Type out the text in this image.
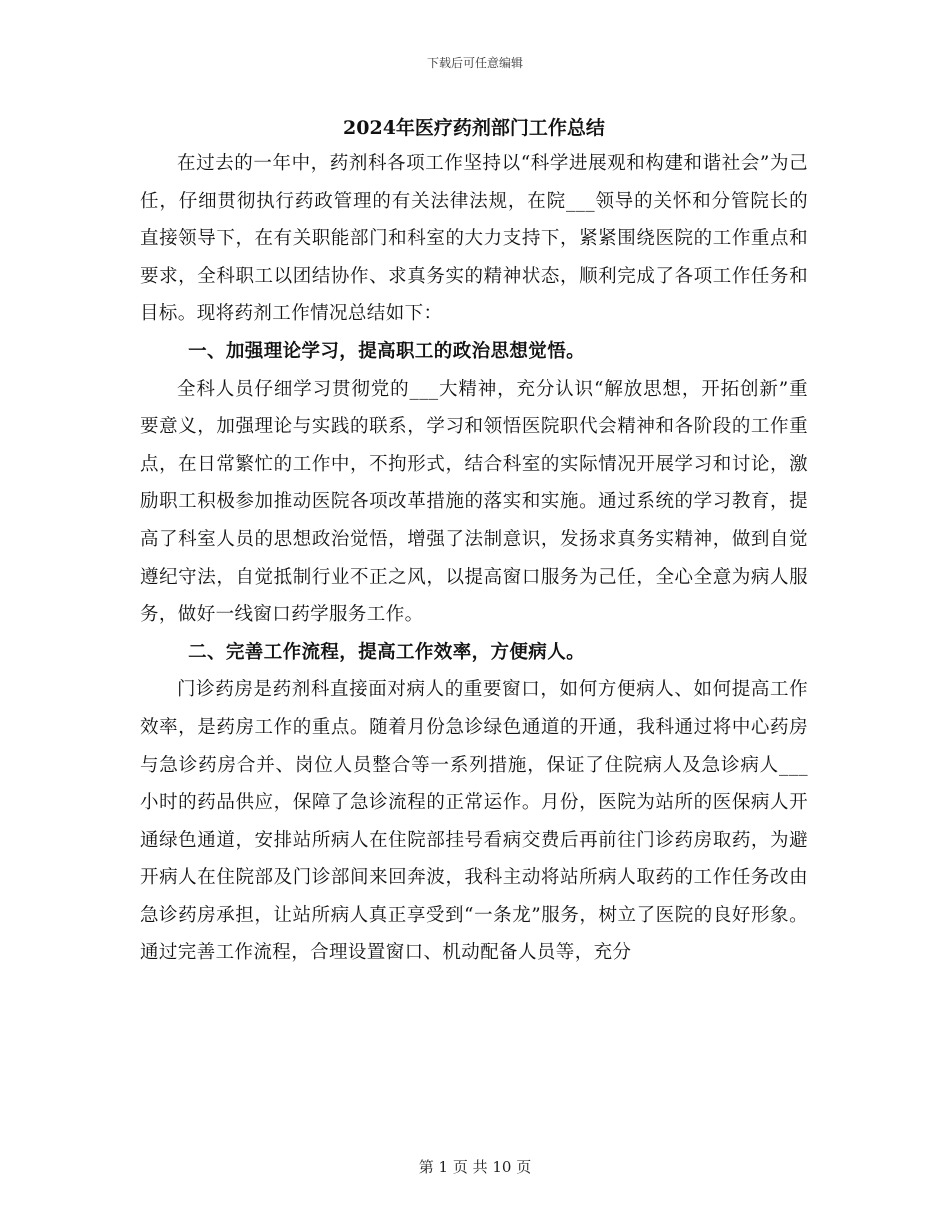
下载后可任意编辑
2024年医疗药剂部门工作总结

在过去的一年中，药剂科各项工作坚持以“科学进展观和构建和谐社会”为己任，仔细贯彻执行药政管理的有关法律法规，在院___领导的关怀和分管院长的直接领导下，在有关职能部门和科室的大力支持下，紧紧围绕医院的工作重点和要求，全科职工以团结协作、求真务实的精神状态，顺利完成了各项工作任务和目标。现将药剂工作情况总结如下：

一、加强理论学习，提高职工的政治思想觉悟。

全科人员仔细学习贯彻党的___大精神，充分认识“解放思想，开拓创新”重要意义，加强理论与实践的联系，学习和领悟医院职代会精神和各阶段的工作重点，在日常繁忙的工作中，不拘形式，结合科室的实际情况开展学习和讨论，激励职工积极参加推动医院各项改革措施的落实和实施。通过系统的学习教育，提高了科室人员的思想政治觉悟，增强了法制意识，发扬求真务实精神，做到自觉遵纪守法，自觉抵制行业不正之风，以提高窗口服务为己任，全心全意为病人服务，做好一线窗口药学服务工作。

二、完善工作流程，提高工作效率，方便病人。

门诊药房是药剂科直接面对病人的重要窗口，如何方便病人、如何提高工作效率，是药房工作的重点。随着月份急诊绿色通道的开通，我科通过将中心药房与急诊药房合并、岗位人员整合等一系列措施，保证了住院病人及急诊病人___小时的药品供应，保障了急诊流程的正常运作。月份，医院为站所的医保病人开通绿色通道，安排站所病人在住院部挂号看病交费后再前往门诊药房取药，为避开病人在住院部及门诊部间来回奔波，我科主动将站所病人取药的工作任务改由急诊药房承担，让站所病人真正享受到“一条龙”服务，树立了医院的良好形象。通过完善工作流程，合理设置窗口、机动配备人员等，充分

第 1 页 共 10 页
